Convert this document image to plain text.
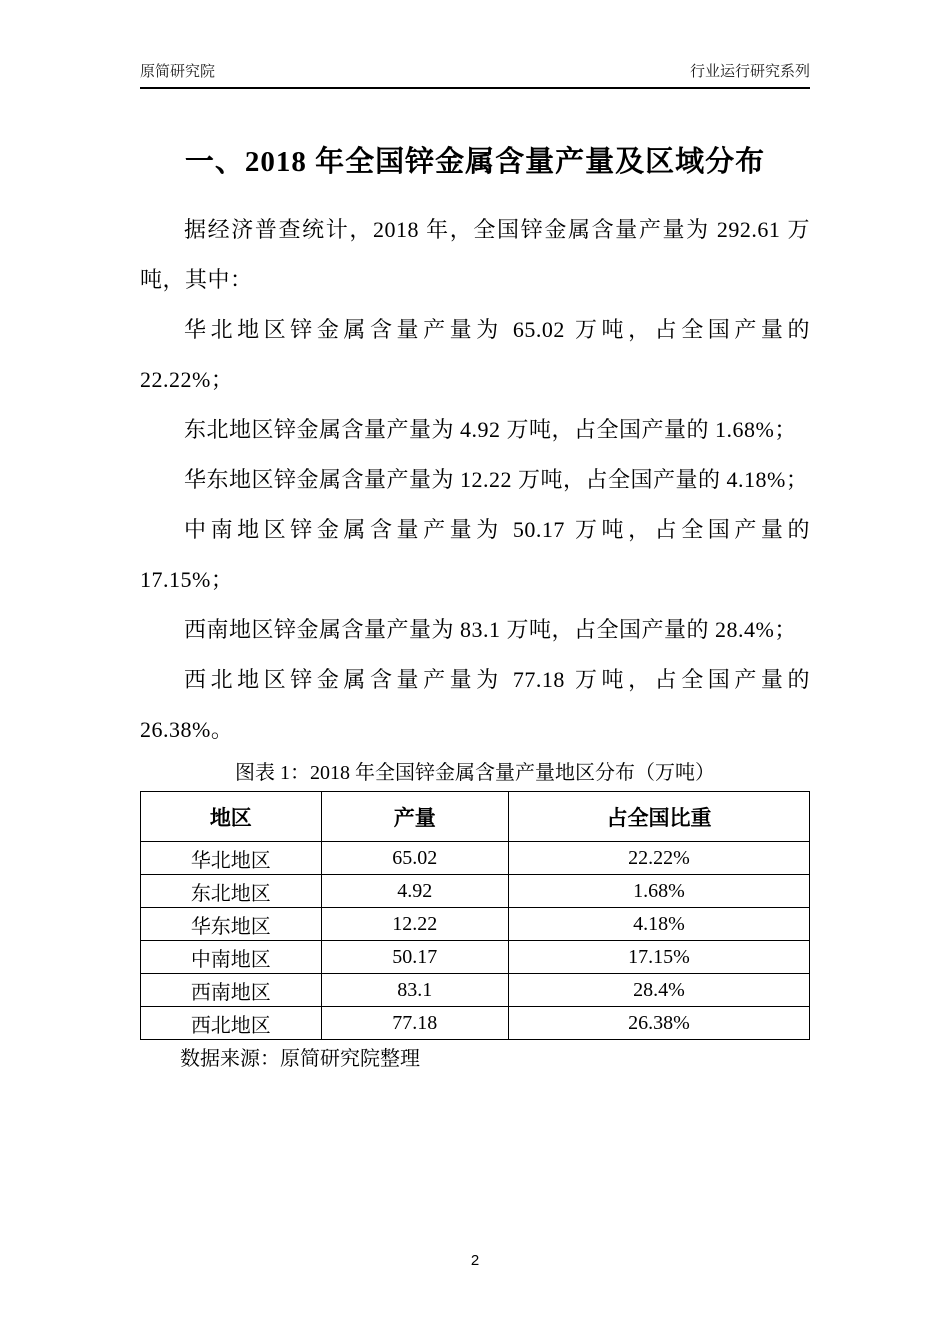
原简研究院	行业运行研究系列
一、2018 年全国锌金属含量产量及区域分布

据经济普查统计，2018 年，全国锌金属含量产量为 292.61 万吨，其中：

华北地区锌金属含量产量为 65.02 万吨，占全国产量的 22.22%；

东北地区锌金属含量产量为 4.92 万吨，占全国产量的 1.68%；

华东地区锌金属含量产量为 12.22 万吨，占全国产量的 4.18%；

中南地区锌金属含量产量为 50.17 万吨，占全国产量的 17.15%；

西南地区锌金属含量产量为 83.1 万吨，占全国产量的 28.4%；

西北地区锌金属含量产量为 77.18 万吨，占全国产量的 26.38%。

图表 1：2018 年全国锌金属含量产量地区分布（万吨）
地区	产量	占全国比重
华北地区	65.02	22.22%
东北地区	4.92	1.68%
华东地区	12.22	4.18%
中南地区	50.17	17.15%
西南地区	83.1	28.4%
西北地区	77.18	26.38%
数据来源：原简研究院整理
2
